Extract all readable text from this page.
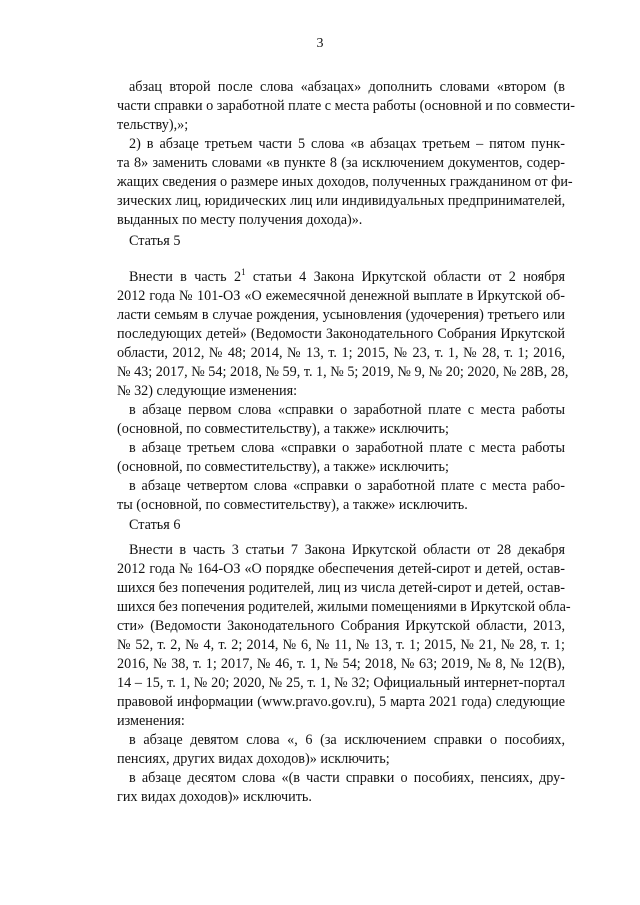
3
абзац второй после слова «абзацах» дополнить словами «втором (в
части справки о заработной плате с места работы (основной и по совмести-
тельству),»;
2) в абзаце третьем части 5 слова «в абзацах третьем – пятом пунк-
та 8» заменить словами «в пункте 8 (за исключением документов, содер-
жащих сведения о размере иных доходов, полученных гражданином от фи-
зических лиц, юридических лиц или индивидуальных предпринимателей,
выданных по месту получения дохода)».
Статья 5
Внести в часть $2^1$ статьи 4 Закона Иркутской области от 2 ноября
2012 года № 101-ОЗ «О ежемесячной денежной выплате в Иркутской об-
ласти семьям в случае рождения, усыновления (удочерения) третьего или
последующих детей» (Ведомости Законодательного Собрания Иркутской
области, 2012, № 48; 2014, № 13, т. 1; 2015, № 23, т. 1, № 28, т. 1; 2016,
№ 43; 2017, № 54; 2018, № 59, т. 1, № 5; 2019, № 9, № 20; 2020, № 28В, 28,
№ 32) следующие изменения:
в абзаце первом слова «справки о заработной плате с места работы
(основной, по совместительству), а также» исключить;
в абзаце третьем слова «справки о заработной плате с места работы
(основной, по совместительству), а также» исключить;
в абзаце четвертом слова «справки о заработной плате с места рабо-
ты (основной, по совместительству), а также» исключить.
Статья 6
Внести в часть 3 статьи 7 Закона Иркутской области от 28 декабря
2012 года № 164-ОЗ «О порядке обеспечения детей-сирот и детей, остав-
шихся без попечения родителей, лиц из числа детей-сирот и детей, остав-
шихся без попечения родителей, жилыми помещениями в Иркутской обла-
сти» (Ведомости Законодательного Собрания Иркутской области, 2013,
№ 52, т. 2, № 4, т. 2; 2014, № 6, № 11, № 13, т. 1; 2015, № 21, № 28, т. 1;
2016, № 38, т. 1; 2017, № 46, т. 1, № 54; 2018, № 63; 2019, № 8, № 12(В),
14 – 15, т. 1, № 20; 2020, № 25, т. 1, № 32; Официальный интернет-портал
правовой информации (www.pravo.gov.ru), 5 марта 2021 года) следующие
изменения:
в абзаце девятом слова «, 6 (за исключением справки о пособиях,
пенсиях, других видах доходов)» исключить;
в абзаце десятом слова «(в части справки о пособиях, пенсиях, дру-
гих видах доходов)» исключить.
